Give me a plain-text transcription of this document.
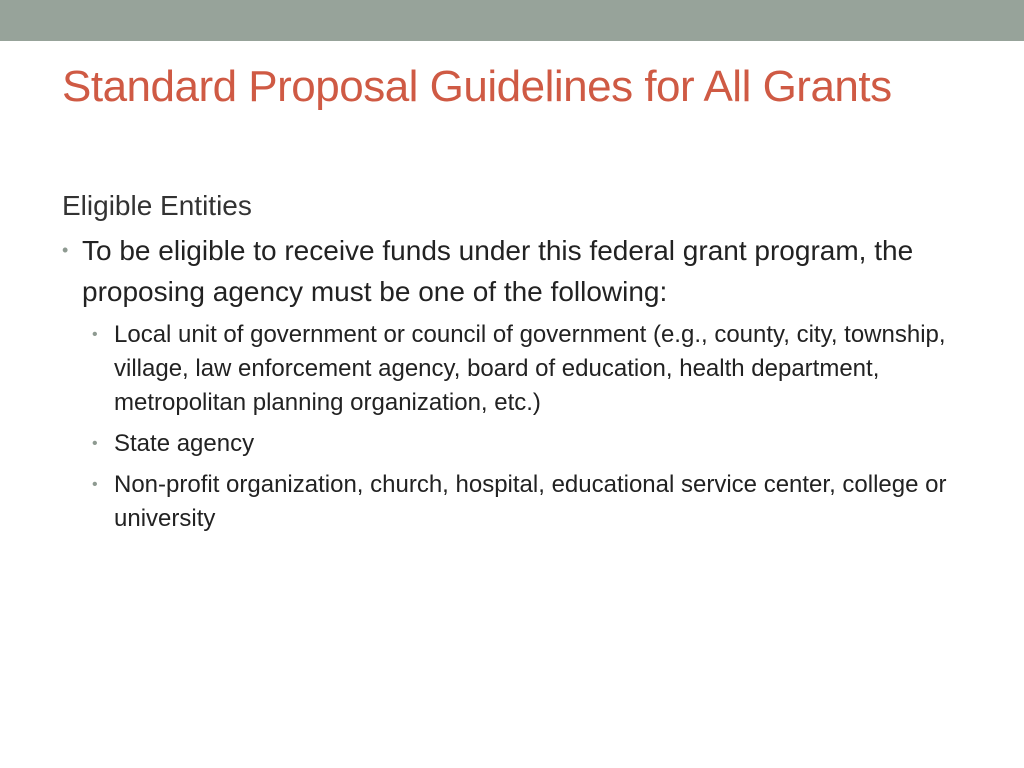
Standard Proposal Guidelines for All Grants
Eligible Entities
• To be eligible to receive funds under this federal grant program, the proposing agency must be one of the following:
• Local unit of government or council of government (e.g., county, city, township, village, law enforcement agency, board of education, health department, metropolitan planning organization, etc.)
• State agency
• Non-profit organization, church, hospital, educational service center, college or university
